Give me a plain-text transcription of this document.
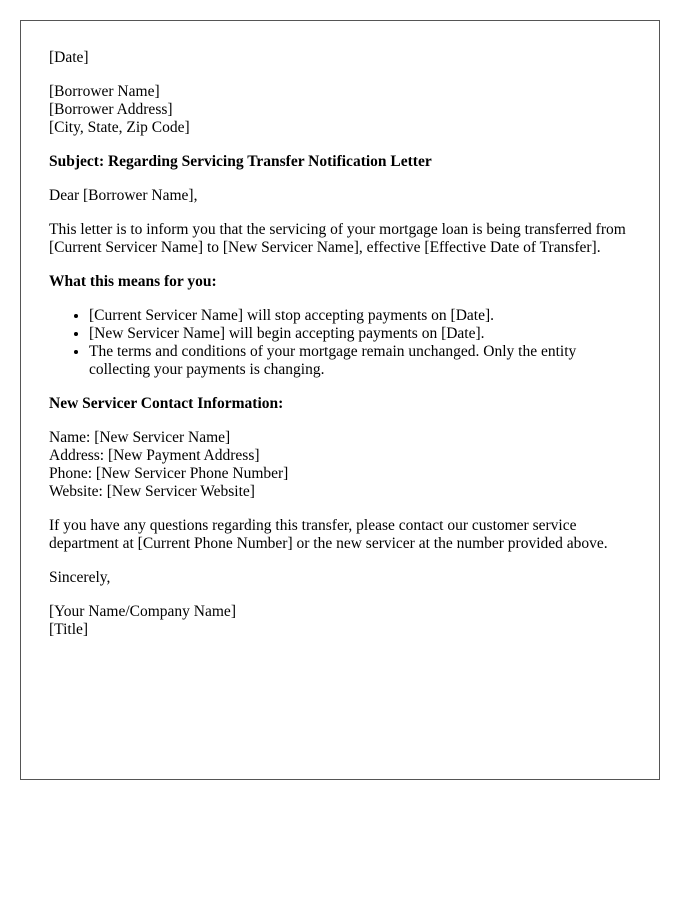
[Date]
[Borrower Name]
[Borrower Address]
[City, State, Zip Code]
Subject: Regarding Servicing Transfer Notification Letter
Dear [Borrower Name],
This letter is to inform you that the servicing of your mortgage loan is being transferred from [Current Servicer Name] to [New Servicer Name], effective [Effective Date of Transfer].
What this means for you:
• [Current Servicer Name] will stop accepting payments on [Date].
• [New Servicer Name] will begin accepting payments on [Date].
• The terms and conditions of your mortgage remain unchanged. Only the entity collecting your payments is changing.
New Servicer Contact Information:
Name: [New Servicer Name]
Address: [New Payment Address]
Phone: [New Servicer Phone Number]
Website: [New Servicer Website]
If you have any questions regarding this transfer, please contact our customer service department at [Current Phone Number] or the new servicer at the number provided above.
Sincerely,
[Your Name/Company Name]
[Title]
